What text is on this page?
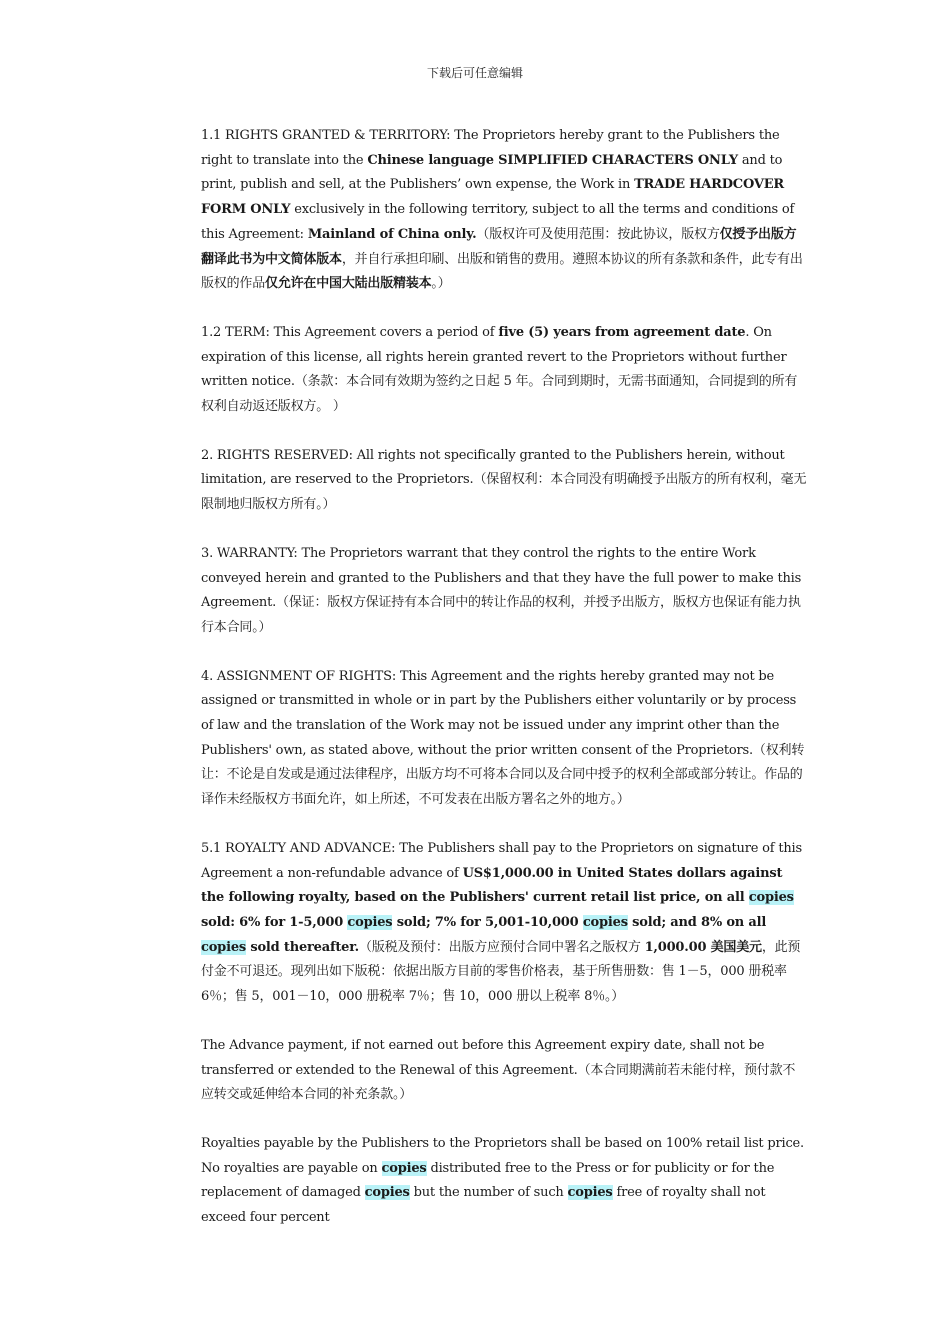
下载后可任意编辑

1.1 RIGHTS GRANTED & TERRITORY: The Proprietors hereby grant to the Publishers the right to translate into the Chinese language SIMPLIFIED CHARACTERS ONLY and to print, publish and sell, at the Publishers’ own expense, the Work in TRADE HARDCOVER FORM ONLY exclusively in the following territory, subject to all the terms and conditions of this Agreement: Mainland of China only.（版权许可及使用范围：按此协议，版权方仅授予出版方翻译此书为中文简体版本，并自行承担印刷、出版和销售的费用。遵照本协议的所有条款和条件，此专有出版权的作品仅允许在中国大陆出版精装本。）

1.2 TERM: This Agreement covers a period of five (5) years from agreement date. On expiration of this license, all rights herein granted revert to the Proprietors without further written notice.（条款：本合同有效期为签约之日起 5 年。合同到期时，无需书面通知，合同提到的所有权利自动返还版权方。 ）

2. RIGHTS RESERVED: All rights not specifically granted to the Publishers herein, without limitation, are reserved to the Proprietors.（保留权利：本合同没有明确授予出版方的所有权利，毫无限制地归版权方所有。）

3. WARRANTY: The Proprietors warrant that they control the rights to the entire Work conveyed herein and granted to the Publishers and that they have the full power to make this Agreement.（保证：版权方保证持有本合同中的转让作品的权利，并授予出版方，版权方也保证有能力执行本合同。）

4. ASSIGNMENT OF RIGHTS: This Agreement and the rights hereby granted may not be assigned or transmitted in whole or in part by the Publishers either voluntarily or by process of law and the translation of the Work may not be issued under any imprint other than the Publishers' own, as stated above, without the prior written consent of the Proprietors.（权利转让：不论是自发或是通过法律程序，出版方均不可将本合同以及合同中授予的权利全部或部分转让。作品的译作未经版权方书面允许，如上所述，不可发表在出版方署名之外的地方。）

5.1 ROYALTY AND ADVANCE: The Publishers shall pay to the Proprietors on signature of this Agreement a non-refundable advance of US$1,000.00 in United States dollars against the following royalty, based on the Publishers' current retail list price, on all copies sold: 6% for 1-5,000 copies sold; 7% for 5,001-10,000 copies sold; and 8% on all copies sold thereafter.（版税及预付：出版方应预付合同中署名之版权方 1,000.00 美国美元，此预付金不可退还。现列出如下版税：依据出版方目前的零售价格表，基于所售册数：售 1－5，000 册税率 6％；售 5，001－10，000 册税率 7％；售 10，000 册以上税率 8％。）

The Advance payment, if not earned out before this Agreement expiry date, shall not be transferred or extended to the Renewal of this Agreement.（本合同期满前若未能付梓，预付款不应转交或延伸给本合同的补充条款。）

Royalties payable by the Publishers to the Proprietors shall be based on 100% retail list price. No royalties are payable on copies distributed free to the Press or for publicity or for the replacement of damaged copies but the number of such copies free of royalty shall not exceed four percent
